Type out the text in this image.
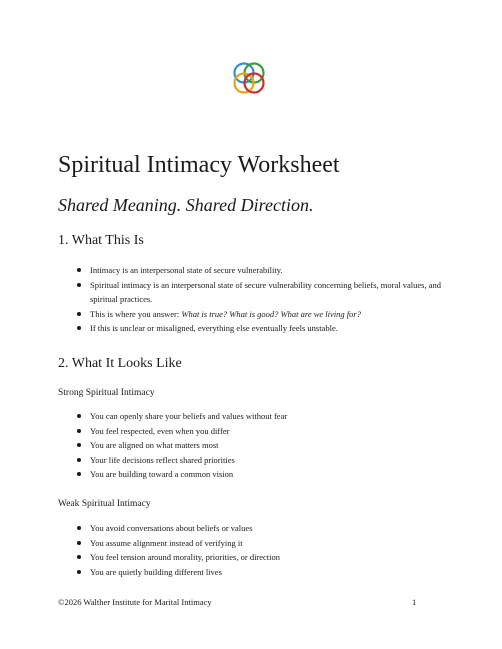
Spiritual Intimacy Worksheet
Shared Meaning. Shared Direction.
1. What This Is
Intimacy is an interpersonal state of secure vulnerability.
Spiritual intimacy is an interpersonal state of secure vulnerability concerning beliefs, moral values, and spiritual practices.
This is where you answer: What is true? What is good? What are we living for?
If this is unclear or misaligned, everything else eventually feels unstable.
2. What It Looks Like
Strong Spiritual Intimacy
You can openly share your beliefs and values without fear
You feel respected, even when you differ
You are aligned on what matters most
Your life decisions reflect shared priorities
You are building toward a common vision
Weak Spiritual Intimacy
You avoid conversations about beliefs or values
You assume alignment instead of verifying it
You feel tension around morality, priorities, or direction
You are quietly building different lives
©2026 Walther Institute for Marital Intimacy	1
